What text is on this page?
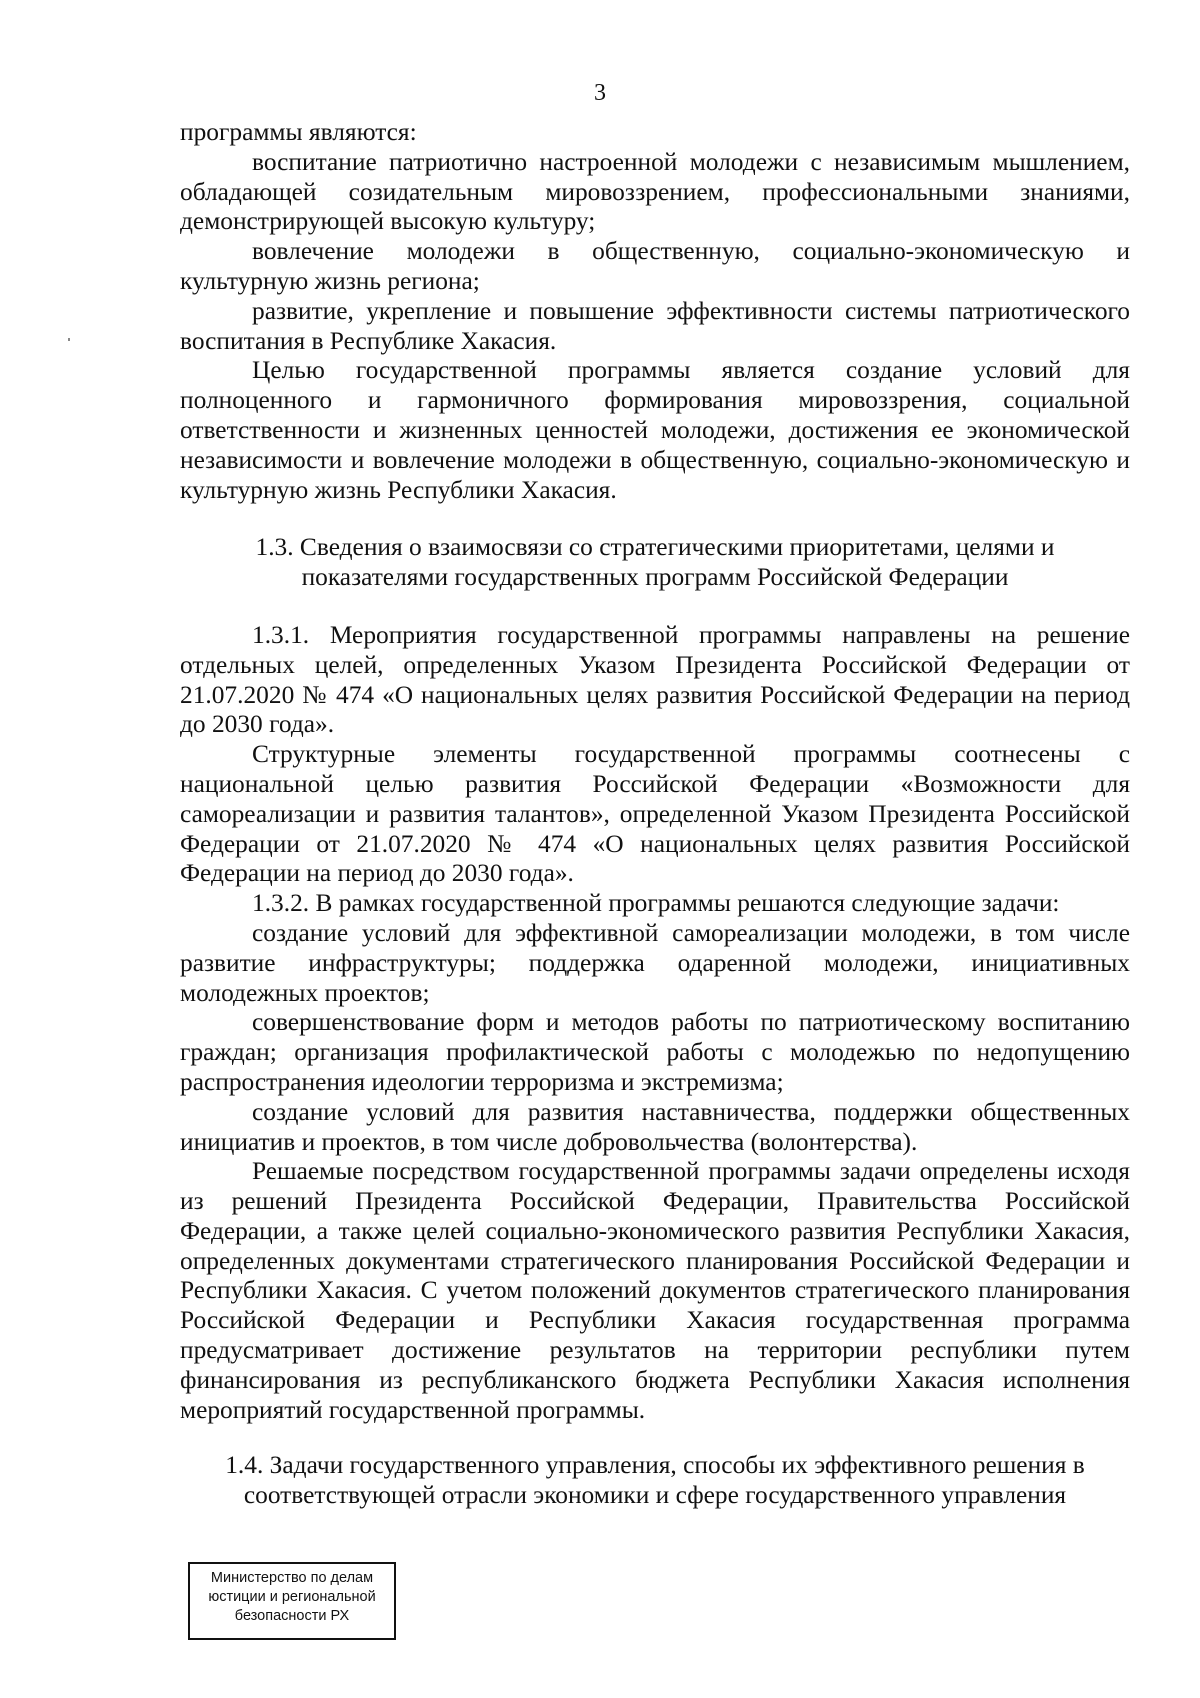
3

программы являются:

воспитание патриотично настроенной молодежи с независимым мышлением, обладающей созидательным мировоззрением, профессиональными знаниями, демонстрирующей высокую культуру;

вовлечение молодежи в общественную, социально-экономическую и культурную жизнь региона;

развитие, укрепление и повышение эффективности системы патриотического воспитания в Республике Хакасия.

Целью государственной программы является создание условий для полноценного и гармоничного формирования мировоззрения, социальной ответственности и жизненных ценностей молодежи, достижения ее экономической независимости и вовлечение молодежи в общественную, социально-экономическую и культурную жизнь Республики Хакасия.

1.3. Сведения о взаимосвязи со стратегическими приоритетами, целями и показателями государственных программ Российской Федерации

1.3.1. Мероприятия государственной программы направлены на решение отдельных целей, определенных Указом Президента Российской Федерации от 21.07.2020 № 474 «О национальных целях развития Российской Федерации на период до 2030 года».

Структурные элементы государственной программы соотнесены с национальной целью развития Российской Федерации «Возможности для самореализации и развития талантов», определенной Указом Президента Российской Федерации от 21.07.2020 № 474 «О национальных целях развития Российской Федерации на период до 2030 года».

1.3.2. В рамках государственной программы решаются следующие задачи:

создание условий для эффективной самореализации молодежи, в том числе развитие инфраструктуры; поддержка одаренной молодежи, инициативных молодежных проектов;

совершенствование форм и методов работы по патриотическому воспитанию граждан; организация профилактической работы с молодежью по недопущению распространения идеологии терроризма и экстремизма;

создание условий для развития наставничества, поддержки общественных инициатив и проектов, в том числе добровольчества (волонтерства).

Решаемые посредством государственной программы задачи определены исходя из решений Президента Российской Федерации, Правительства Российской Федерации, а также целей социально-экономического развития Республики Хакасия, определенных документами стратегического планирования Российской Федерации и Республики Хакасия. С учетом положений документов стратегического планирования Российской Федерации и Республики Хакасия государственная программа предусматривает достижение результатов на территории республики путем финансирования из республиканского бюджета Республики Хакасия исполнения мероприятий государственной программы.

1.4. Задачи государственного управления, способы их эффективного решения в соответствующей отрасли экономики и сфере государственного управления

Министерство по делам
юстиции и региональной
безопасности РХ
